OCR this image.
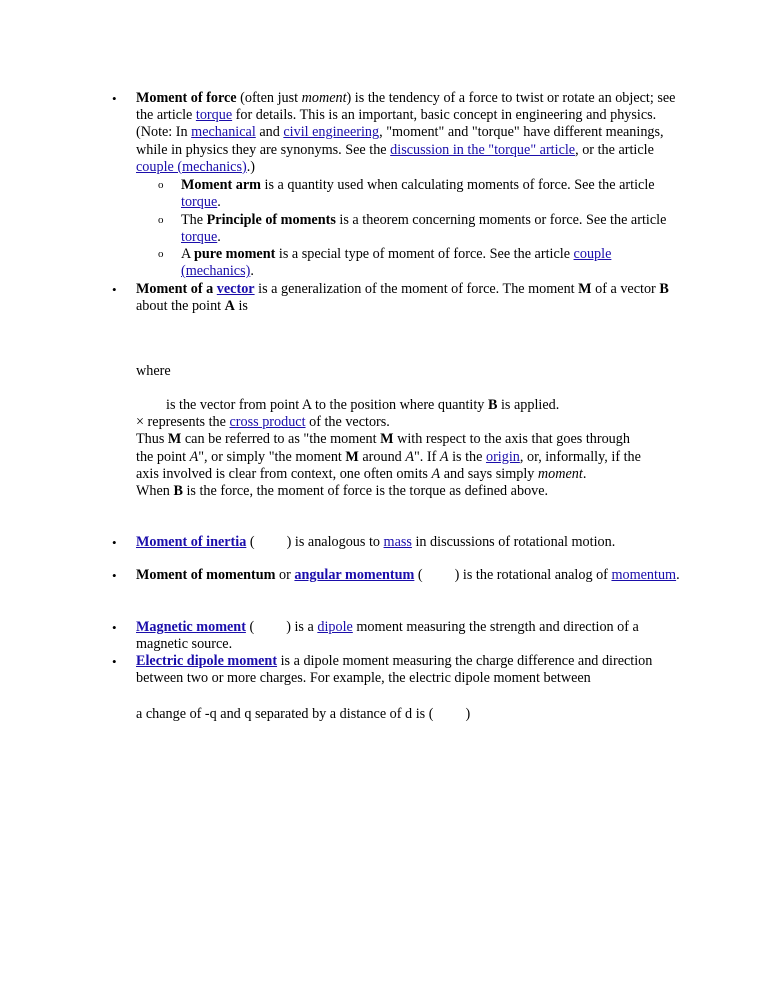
• Moment of force (often just moment) is the tendency of a force to twist or rotate an object; see the article torque for details. This is an important, basic concept in engineering and physics. (Note: In mechanical and civil engineering, "moment" and "torque" have different meanings, while in physics they are synonyms. See the discussion in the "torque" article, or the article couple (mechanics).)
o Moment arm is a quantity used when calculating moments of force. See the article torque.
o The Principle of moments is a theorem concerning moments or force. See the article torque.
o A pure moment is a special type of moment of force. See the article couple (mechanics).
• Moment of a vector is a generalization of the moment of force. The moment M of a vector B about the point A is
where
is the vector from point A to the position where quantity B is applied.
× represents the cross product of the vectors.
Thus M can be referred to as "the moment M with respect to the axis that goes through
the point A", or simply "the moment M around A". If A is the origin, or, informally, if the
axis involved is clear from context, one often omits A and says simply moment.
When B is the force, the moment of force is the torque as defined above.
• Moment of inertia ( ) is analogous to mass in discussions of rotational motion.
• Moment of momentum or angular momentum ( ) is the rotational analog of momentum.
• Magnetic moment ( ) is a dipole moment measuring the strength and direction of a magnetic source.
• Electric dipole moment is a dipole moment measuring the charge difference and direction between two or more charges. For example, the electric dipole moment between
a change of -q and q separated by a distance of d is ( )
